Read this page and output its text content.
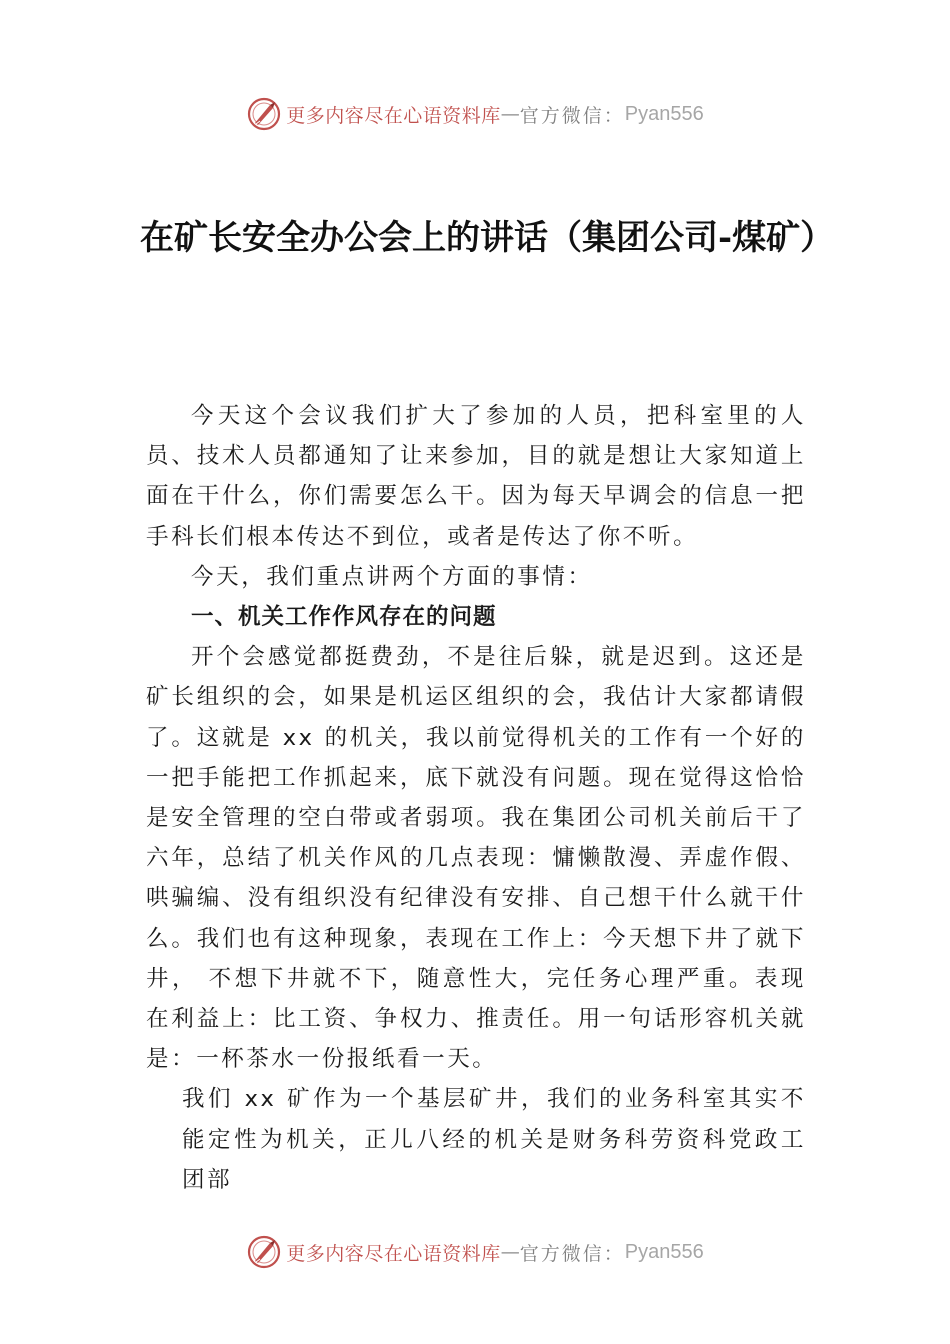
更多内容尽在心语资料库 — 官方微信： Pyan556
在矿长安全办公会上的讲话（集团公司-煤矿）

今天这个会议我们扩大了参加的人员，把科室里的人员、技术人员都通知了让来参加，目的就是想让大家知道上面在干什么，你们需要怎么干。因为每天早调会的信息一把手科长们根本传达不到位，或者是传达了你不听。

今天，我们重点讲两个方面的事情：

一、机关工作作风存在的问题

开个会感觉都挺费劲，不是往后躲，就是迟到。这还是矿长组织的会，如果是机运区组织的会，我估计大家都请假了。这就是 xx 的机关，我以前觉得机关的工作有一个好的一把手能把工作抓起来，底下就没有问题。现在觉得这恰恰是安全管理的空白带或者弱项。我在集团公司机关前后干了六年，总结了机关作风的几点表现：慵懒散漫、弄虚作假、哄骗编、没有组织没有纪律没有安排、自己想干什么就干什么。我们也有这种现象，表现在工作上：今天想下井了就下井， 不想下井就不下，随意性大，完任务心理严重。表现在利益上：比工资、争权力、推责任。用一句话形容机关就是：一杯茶水一份报纸看一天。

我们 xx 矿作为一个基层矿井，我们的业务科室其实不能定性为机关，正儿八经的机关是财务科劳资科党政工团部

更多内容尽在心语资料库 — 官方微信： Pyan556
